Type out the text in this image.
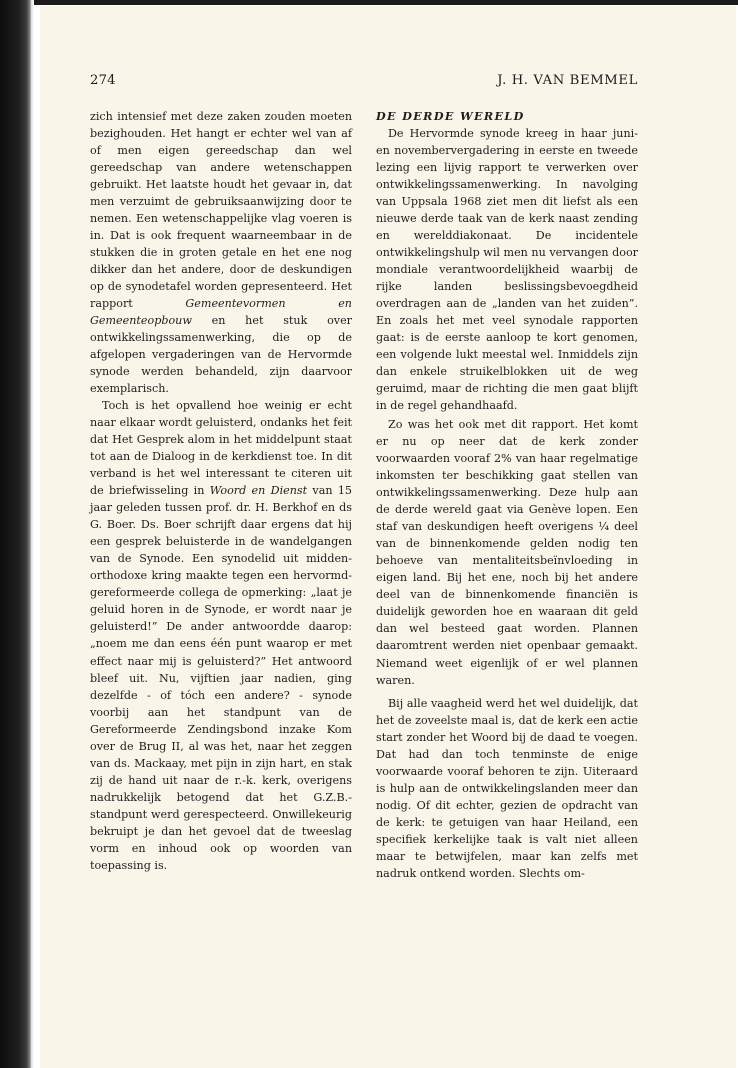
274	J. H. VAN BEMMEL

zich intensief met deze zaken zouden moeten bezighouden. Het hangt er echter wel van af of men eigen gereedschap dan wel gereedschap van andere wetenschappen gebruikt. Het laatste houdt het gevaar in, dat men verzuimt de gebruiksaanwijzing door te nemen. Een wetenschappelijke vlag voeren is in. Dat is ook frequent waarneembaar in de stukken die in groten getale en het ene nog dikker dan het andere, door de deskundigen op de synodetafel worden gepresenteerd. Het rapport Gemeentevormen en Gemeenteopbouw en het stuk over ontwikkelingssamenwerking, die op de afgelopen vergaderingen van de Hervormde synode werden behandeld, zijn daarvoor exemplarisch.

Toch is het opvallend hoe weinig er echt naar elkaar wordt geluisterd, ondanks het feit dat Het Gesprek alom in het middelpunt staat tot aan de Dialoog in de kerkdienst toe. In dit verband is het wel interessant te citeren uit de briefwisseling in Woord en Dienst van 15 jaar geleden tussen prof. dr. H. Berkhof en ds G. Boer. Ds. Boer schrijft daar ergens dat hij een gesprek beluisterde in de wandelgangen van de Synode. Een synodelid uit midden-orthodoxe kring maakte tegen een hervormd-gereformeerde collega de opmerking: „laat je geluid horen in de Synode, er wordt naar je geluisterd!” De ander antwoordde daarop: „noem me dan eens één punt waarop er met effect naar mij is geluisterd?” Het antwoord bleef uit. Nu, vijftien jaar nadien, ging dezelfde - of tóch een andere? - synode voorbij aan het standpunt van de Gereformeerde Zendingsbond inzake Kom over de Brug II, al was het, naar het zeggen van ds. Mackaay, met pijn in zijn hart, en stak zij de hand uit naar de r.-k. kerk, overigens nadrukkelijk betogend dat het G.Z.B.-standpunt werd gerespecteerd. Onwillekeurig bekruipt je dan het gevoel dat de tweeslag vorm en inhoud ook op woorden van toepassing is.

DE DERDE WERELD

De Hervormde synode kreeg in haar juni- en novembervergadering in eerste en tweede lezing een lijvig rapport te verwerken over ontwikkelingssamenwerking. In navolging van Uppsala 1968 ziet men dit liefst als een nieuwe derde taak van de kerk naast zending en werelddiakonaat. De incidentele ontwikkelingshulp wil men nu vervangen door mondiale verantwoordelijkheid waarbij de rijke landen beslissingsbevoegdheid overdragen aan de „landen van het zuiden”. En zoals het met veel synodale rapporten gaat: is de eerste aanloop te kort genomen, een volgende lukt meestal wel. Inmiddels zijn dan enkele struikelblokken uit de weg geruimd, maar de richting die men gaat blijft in de regel gehandhaafd.

Zo was het ook met dit rapport. Het komt er nu op neer dat de kerk zonder voorwaarden vooraf 2% van haar regelmatige inkomsten ter beschikking gaat stellen van ontwikkelingssamenwerking. Deze hulp aan de derde wereld gaat via Genève lopen. Een staf van deskundigen heeft overigens ¼ deel van de binnenkomende gelden nodig ten behoeve van mentaliteitsbeïnvloeding in eigen land. Bij het ene, noch bij het andere deel van de binnenkomende financiën is duidelijk geworden hoe en waaraan dit geld dan wel besteed gaat worden. Plannen daaromtrent werden niet openbaar gemaakt. Niemand weet eigenlijk of er wel plannen waren.

Bij alle vaagheid werd het wel duidelijk, dat het de zoveelste maal is, dat de kerk een actie start zonder het Woord bij de daad te voegen. Dat had dan toch tenminste de enige voorwaarde vooraf behoren te zijn. Uiteraard is hulp aan de ontwikkelingslanden meer dan nodig. Of dit echter, gezien de opdracht van de kerk: te getuigen van haar Heiland, een specifiek kerkelijke taak is valt niet alleen maar te betwijfelen, maar kan zelfs met nadruk ontkend worden. Slechts om-
